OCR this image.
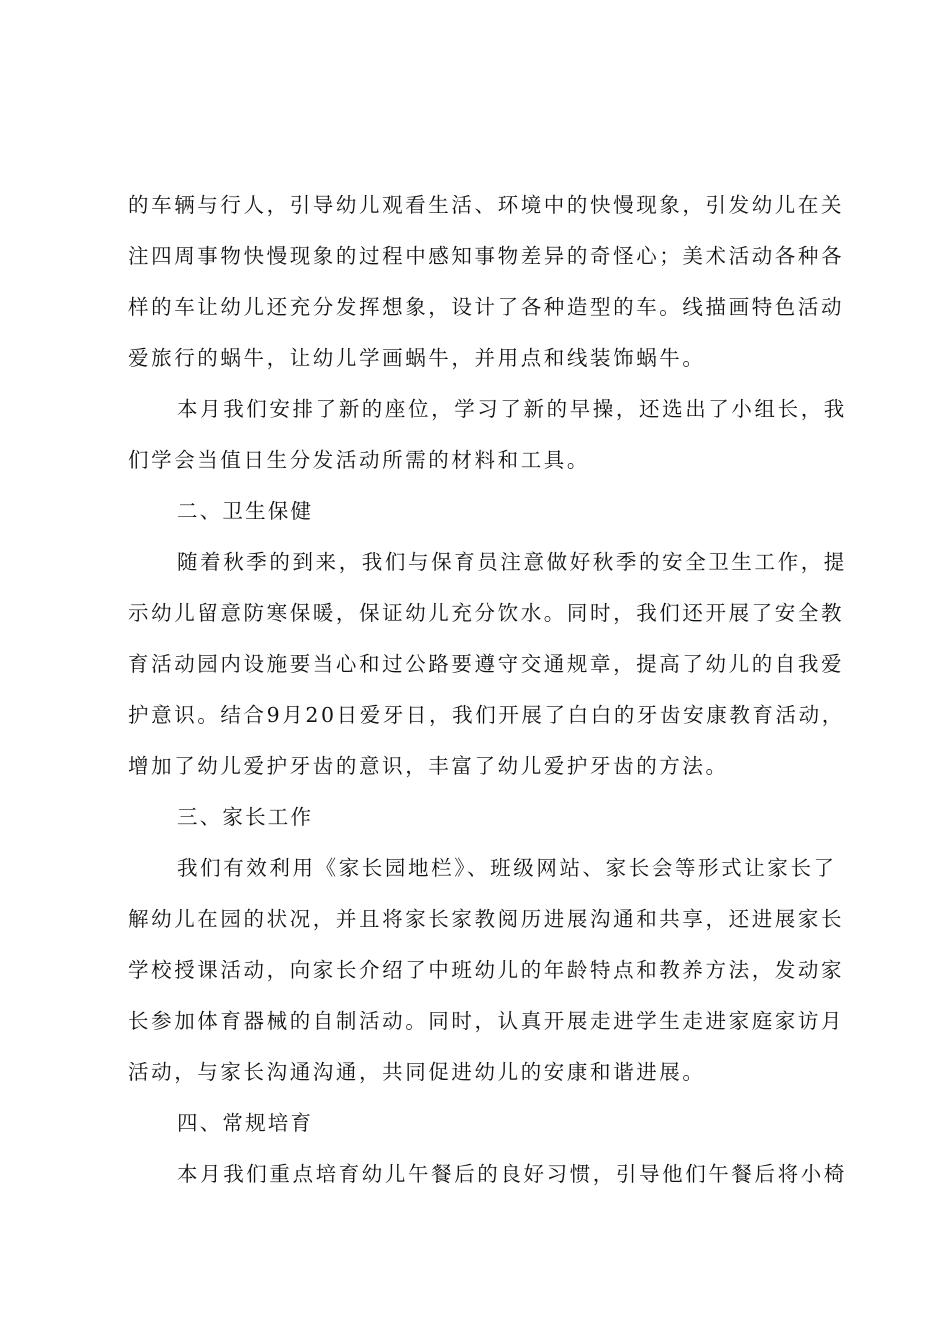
的车辆与行人，引导幼儿观看生活、环境中的快慢现象，引发幼儿在关
注四周事物快慢现象的过程中感知事物差异的奇怪心；美术活动各种各
样的车让幼儿还充分发挥想象，设计了各种造型的车。线描画特色活动
爱旅行的蜗牛，让幼儿学画蜗牛，并用点和线装饰蜗牛。
本月我们安排了新的座位，学习了新的早操，还选出了小组长，我
们学会当值日生分发活动所需的材料和工具。
二、卫生保健
随着秋季的到来，我们与保育员注意做好秋季的安全卫生工作，提
示幼儿留意防寒保暖，保证幼儿充分饮水。同时，我们还开展了安全教
育活动园内设施要当心和过公路要遵守交通规章，提高了幼儿的自我爱
护意识。结合9月20日爱牙日，我们开展了白白的牙齿安康教育活动，
增加了幼儿爱护牙齿的意识，丰富了幼儿爱护牙齿的方法。
三、家长工作
我们有效利用《家长园地栏》、班级网站、家长会等形式让家长了
解幼儿在园的状况，并且将家长家教阅历进展沟通和共享，还进展家长
学校授课活动，向家长介绍了中班幼儿的年龄特点和教养方法，发动家
长参加体育器械的自制活动。同时，认真开展走进学生走进家庭家访月
活动，与家长沟通沟通，共同促进幼儿的安康和谐进展。
四、常规培育
本月我们重点培育幼儿午餐后的良好习惯，引导他们午餐后将小椅
